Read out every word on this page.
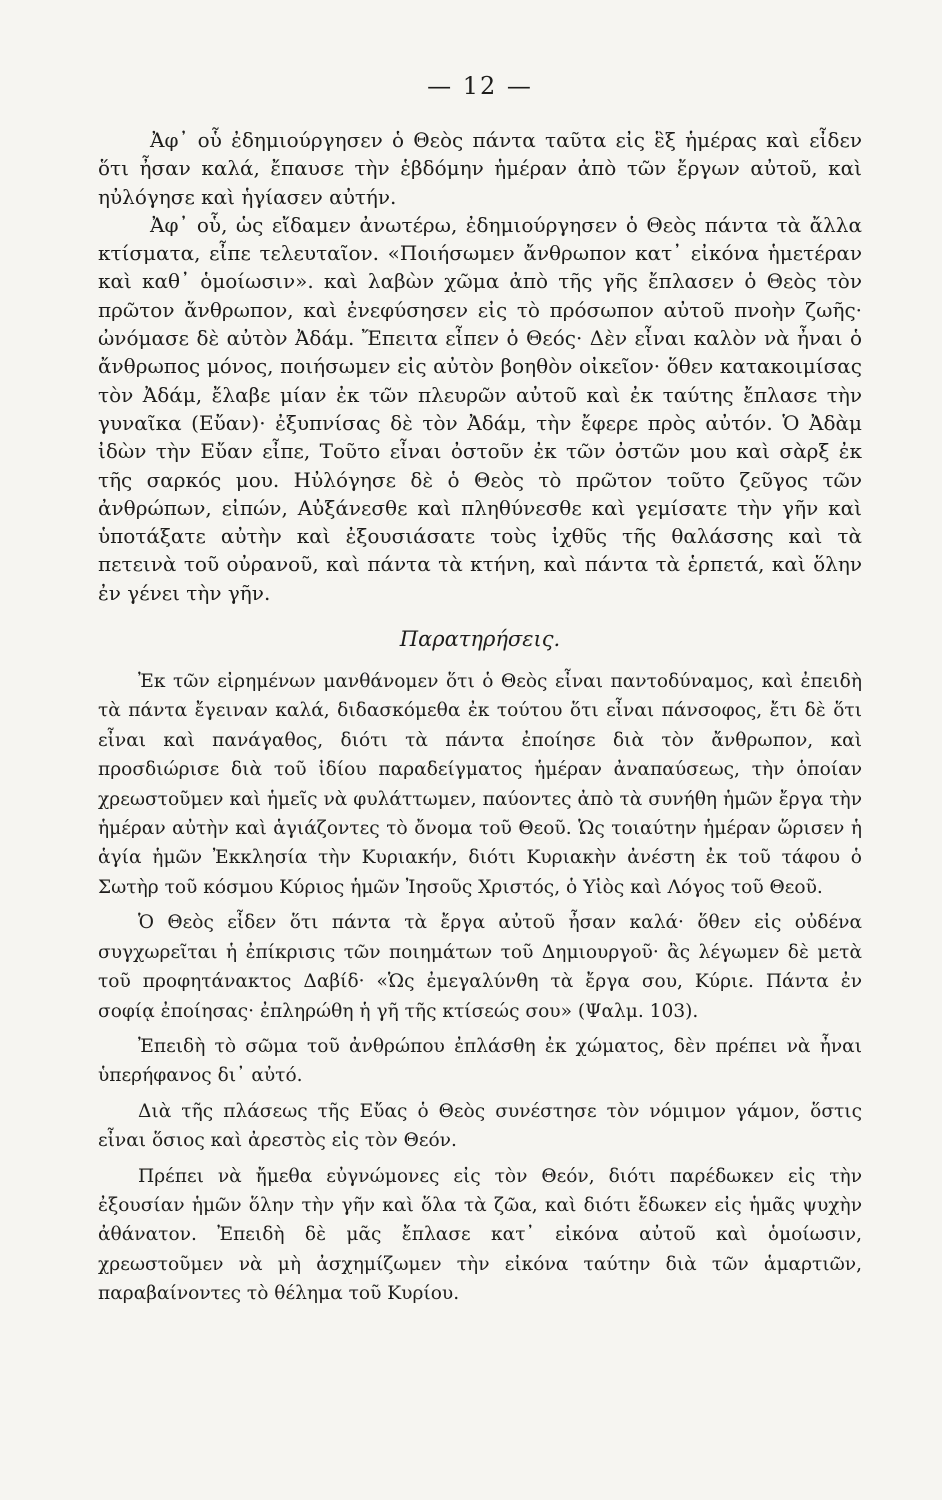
— 12 —

Ἀφ᾽ οὗ ἐδημιούργησεν ὁ Θεὸς πάντα ταῦτα εἰς ἓξ ἡμέρας καὶ εἶδεν ὅτι ἦσαν καλά, ἔπαυσε τὴν ἑβδόμην ἡμέραν ἀπὸ τῶν ἔργων αὐτοῦ, καὶ ηὐλόγησε καὶ ἡγίασεν αὐτήν.

Ἀφ᾽ οὗ, ὡς εἴδαμεν ἀνωτέρω, ἐδημιούργησεν ὁ Θεὸς πάντα τὰ ἄλλα κτίσματα, εἶπε τελευταῖον. «Ποιήσωμεν ἄνθρωπον κατ᾽ εἰκόνα ἡμετέραν καὶ καθ᾽ ὁμοίωσιν». καὶ λαβὼν χῶμα ἀπὸ τῆς γῆς ἔπλασεν ὁ Θεὸς τὸν πρῶτον ἄνθρωπον, καὶ ἐνεφύσησεν εἰς τὸ πρόσωπον αὐτοῦ πνοὴν ζωῆς· ὠνόμασε δὲ αὐτὸν Ἀδάμ. Ἔπειτα εἶπεν ὁ Θεός· Δὲν εἶναι καλὸν νὰ ἦναι ὁ ἄνθρωπος μόνος, ποιήσωμεν εἰς αὐτὸν βοηθὸν οἰκεῖον· ὅθεν κατακοιμίσας τὸν Ἀδάμ, ἔλαβε μίαν ἐκ τῶν πλευρῶν αὐτοῦ καὶ ἐκ ταύτης ἔπλασε τὴν γυναῖκα (Εὔαν)· ἐξυπνίσας δὲ τὸν Ἀδάμ, τὴν ἔφερε πρὸς αὐτόν. Ὁ Ἀδὰμ ἰδὼν τὴν Εὔαν εἶπε, Τοῦτο εἶναι ὀστοῦν ἐκ τῶν ὀστῶν μου καὶ σὰρξ ἐκ τῆς σαρκός μου. Ηὐλόγησε δὲ ὁ Θεὸς τὸ πρῶτον τοῦτο ζεῦγος τῶν ἀνθρώπων, εἰπών, Αὐξάνεσθε καὶ πληθύνεσθε καὶ γεμίσατε τὴν γῆν καὶ ὑποτάξατε αὐτὴν καὶ ἐξουσιάσατε τοὺς ἰχθῦς τῆς θαλάσσης καὶ τὰ πετεινὰ τοῦ οὐρανοῦ, καὶ πάντα τὰ κτήνη, καὶ πάντα τὰ ἑρπετά, καὶ ὅλην ἐν γένει τὴν γῆν.

Παρατηρήσεις.

Ἐκ τῶν εἰρημένων μανθάνομεν ὅτι ὁ Θεὸς εἶναι παντοδύναμος, καὶ ἐπειδὴ τὰ πάντα ἔγειναν καλά, διδασκόμεθα ἐκ τούτου ὅτι εἶναι πάνσοφος, ἔτι δὲ ὅτι εἶναι καὶ πανάγαθος, διότι τὰ πάντα ἐποίησε διὰ τὸν ἄνθρωπον, καὶ προσδιώρισε διὰ τοῦ ἰδίου παραδείγματος ἡμέραν ἀναπαύσεως, τὴν ὁποίαν χρεωστοῦμεν καὶ ἡμεῖς νὰ φυλάττωμεν, παύοντες ἀπὸ τὰ συνήθη ἡμῶν ἔργα τὴν ἡμέραν αὐτὴν καὶ ἁγιάζοντες τὸ ὄνομα τοῦ Θεοῦ. Ὡς τοιαύτην ἡμέραν ὥρισεν ἡ ἁγία ἡμῶν Ἐκκλησία τὴν Κυριακήν, διότι Κυριακὴν ἀνέστη ἐκ τοῦ τάφου ὁ Σωτὴρ τοῦ κόσμου Κύριος ἡμῶν Ἰησοῦς Χριστός, ὁ Υἱὸς καὶ Λόγος τοῦ Θεοῦ.

Ὁ Θεὸς εἶδεν ὅτι πάντα τὰ ἔργα αὐτοῦ ἦσαν καλά· ὅθεν εἰς οὐδένα συγχωρεῖται ἡ ἐπίκρισις τῶν ποιημάτων τοῦ Δημιουργοῦ· ἂς λέγωμεν δὲ μετὰ τοῦ προφητάνακτος Δαβίδ· «Ὡς ἐμεγαλύνθη τὰ ἔργα σου, Κύριε. Πάντα ἐν σοφίᾳ ἐποίησας· ἐπληρώθη ἡ γῆ τῆς κτίσεώς σου» (Ψαλμ. 103).

Ἐπειδὴ τὸ σῶμα τοῦ ἀνθρώπου ἐπλάσθη ἐκ χώματος, δὲν πρέπει νὰ ἦναι ὑπερήφανος δι᾽ αὐτό.

Διὰ τῆς πλάσεως τῆς Εὔας ὁ Θεὸς συνέστησε τὸν νόμιμον γάμον, ὅστις εἶναι ὅσιος καὶ ἀρεστὸς εἰς τὸν Θεόν.

Πρέπει νὰ ἤμεθα εὐγνώμονες εἰς τὸν Θεόν, διότι παρέδωκεν εἰς τὴν ἐξουσίαν ἡμῶν ὅλην τὴν γῆν καὶ ὅλα τὰ ζῶα, καὶ διότι ἔδωκεν εἰς ἡμᾶς ψυχὴν ἀθάνατον. Ἐπειδὴ δὲ μᾶς ἔπλασε κατ᾽ εἰκόνα αὐτοῦ καὶ ὁμοίωσιν, χρεωστοῦμεν νὰ μὴ ἀσχημίζωμεν τὴν εἰκόνα ταύτην διὰ τῶν ἁμαρτιῶν, παραβαίνοντες τὸ θέλημα τοῦ Κυρίου.
